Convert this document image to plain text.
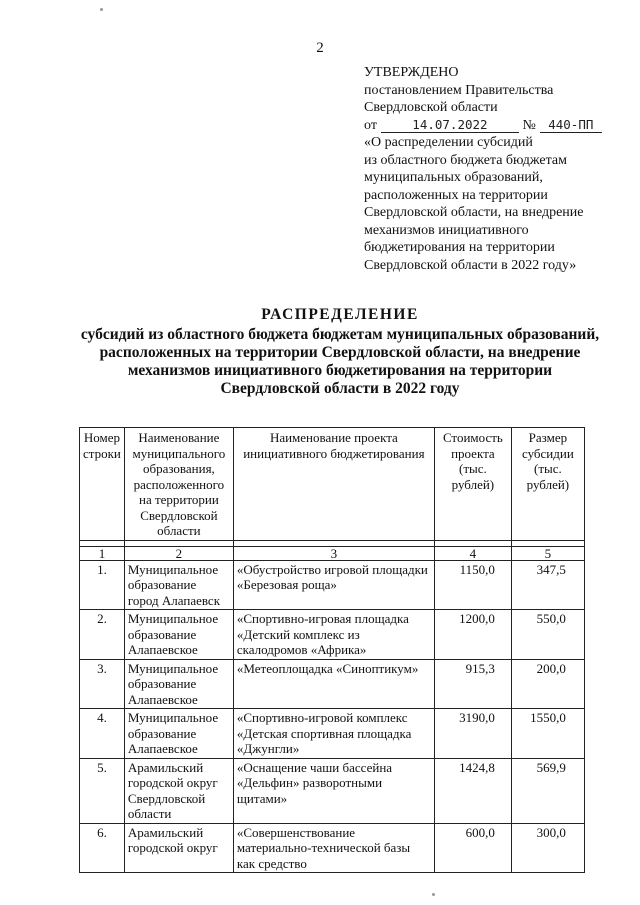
2
УТВЕРЖДЕНО
постановлением Правительства
Свердловской области
от	14.07.2022 № 440-ПП
«О распределении субсидий
из областного бюджета бюджетам
муниципальных образований,
расположенных на территории
Свердловской области, на внедрение
механизмов инициативного
бюджетирования на территории
Свердловской области в 2022 году»
РАСПРЕДЕЛЕНИЕ
субсидий из областного бюджета бюджетам муниципальных образований,
расположенных на территории Свердловской области, на внедрение
механизмов инициативного бюджетирования на территории
Свердловской области в 2022 году
Номер строки	Наименование муниципального образования, расположенного на территории Свердловской области	Наименование проекта инициативного бюджетирования	Стоимость проекта (тыс. рублей)	Размер субсидии (тыс. рублей)

1	2	3	4	5
1.	Муниципальное образование город Алапаевск	«Обустройство игровой площадки «Березовая роща»	1150,0	347,5
2.	Муниципальное образование Алапаевское	«Спортивно-игровая площадка «Детский комплекс из скалодромов «Африка»	1200,0	550,0
3.	Муниципальное образование Алапаевское	«Метеоплощадка «Синоптикум»	915,3	200,0
4.	Муниципальное образование Алапаевское	«Спортивно-игровой комплекс «Детская спортивная площадка «Джунгли»	3190,0	1550,0
5.	Арамильский городской округ Свердловской области	«Оснащение чаши бассейна «Дельфин» разворотными щитами»	1424,8	569,9
6.	Арамильский городской округ	«Совершенствование материально-технической базы как средство	600,0	300,0
